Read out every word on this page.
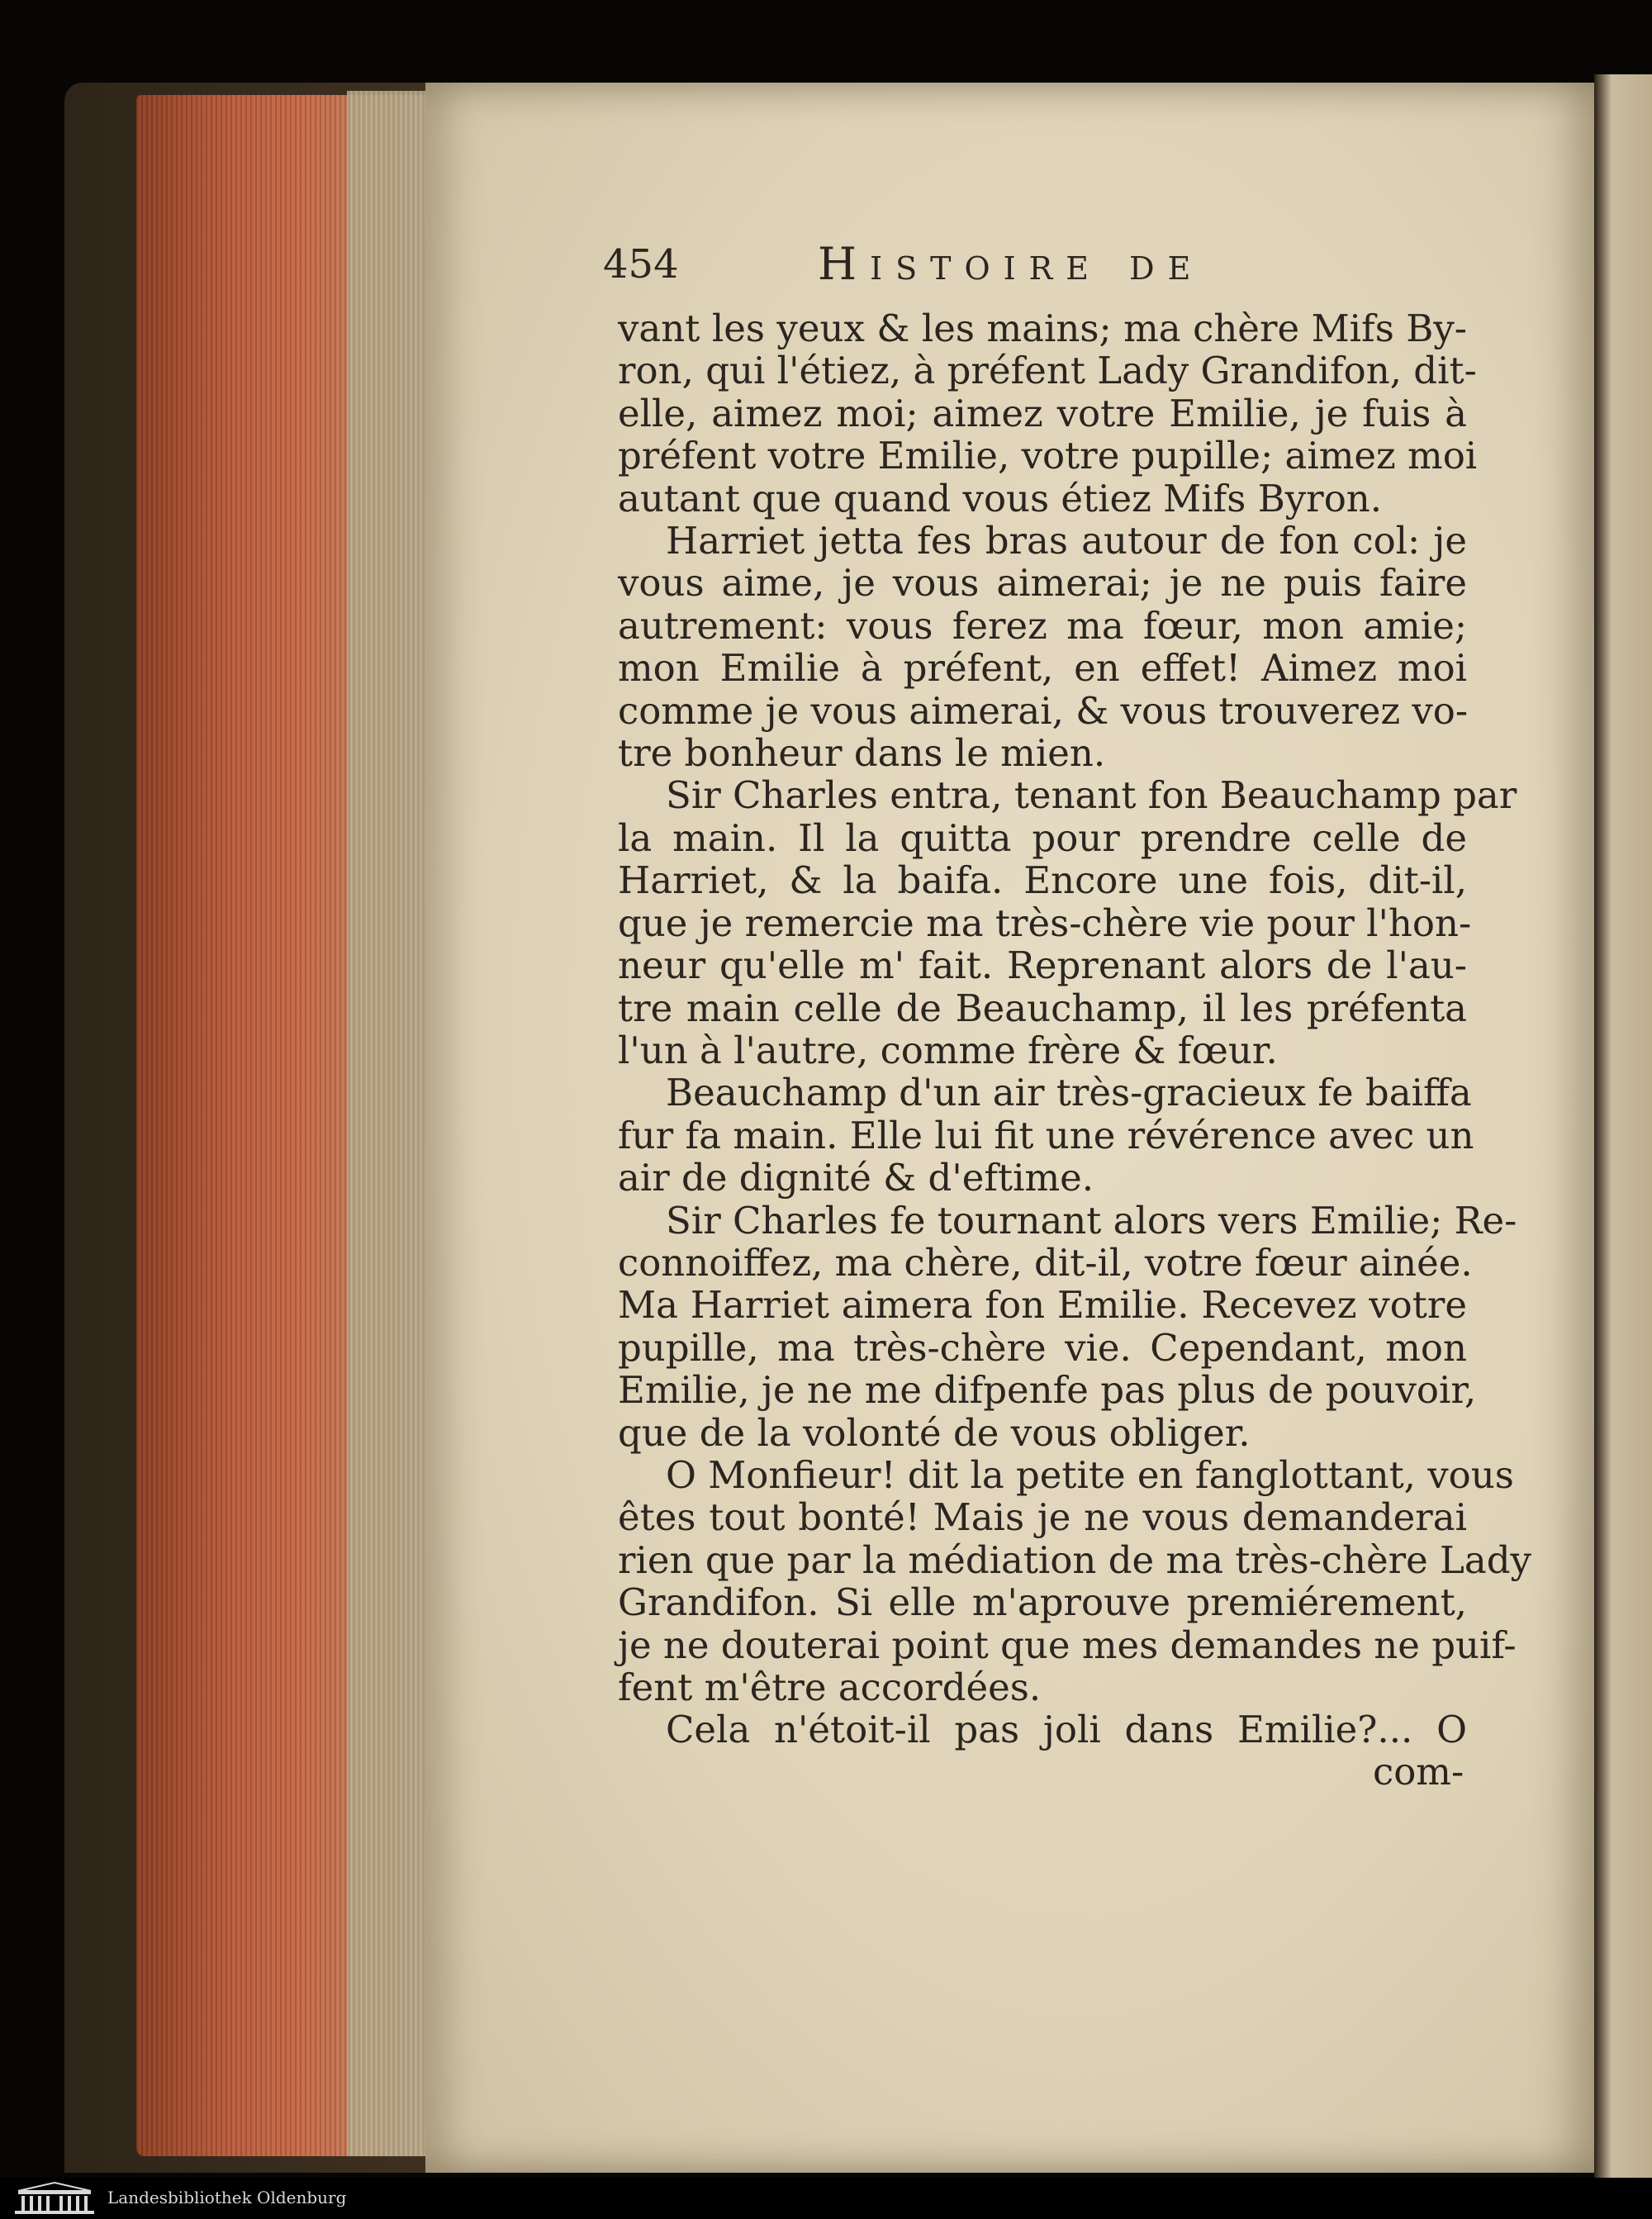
454	Histoire de
vant les yeux & les mains; ma chère Mifs By-
ron, qui l'étiez, à préfent Lady Grandifon, dit-
elle, aimez moi; aimez votre Emilie, je fuis à
préfent votre Emilie, votre pupille; aimez moi
autant que quand vous étiez Mifs Byron.
Harriet jetta fes bras autour de fon col: je
vous aime, je vous aimerai; je ne puis faire
autrement: vous ferez ma fœur, mon amie;
mon Emilie à préfent, en effet! Aimez moi
comme je vous aimerai, & vous trouverez vo-
tre bonheur dans le mien.
Sir Charles entra, tenant fon Beauchamp par
la main. Il la quitta pour prendre celle de
Harriet, & la baifa. Encore une fois, dit-il,
que je remercie ma très-chère vie pour l'hon-
neur qu'elle m' fait. Reprenant alors de l'au-
tre main celle de Beauchamp, il les préfenta
l'un à l'autre, comme frère & fœur.
Beauchamp d'un air très-gracieux fe baiffa
fur fa main. Elle lui fit une révérence avec un
air de dignité & d'eftime.
Sir Charles fe tournant alors vers Emilie; Re-
connoiffez, ma chère, dit-il, votre fœur ainée.
Ma Harriet aimera fon Emilie. Recevez votre
pupille, ma très-chère vie. Cependant, mon
Emilie, je ne me difpenfe pas plus de pouvoir,
que de la volonté de vous obliger.
O Monfieur! dit la petite en fanglottant, vous
êtes tout bonté! Mais je ne vous demanderai
rien que par la médiation de ma très-chère Lady
Grandifon. Si elle m'aprouve premiérement,
je ne douterai point que mes demandes ne puif-
fent m'être accordées.
Cela n'étoit-il pas joli dans Emilie?... O
com-
Landesbibliothek Oldenburg
